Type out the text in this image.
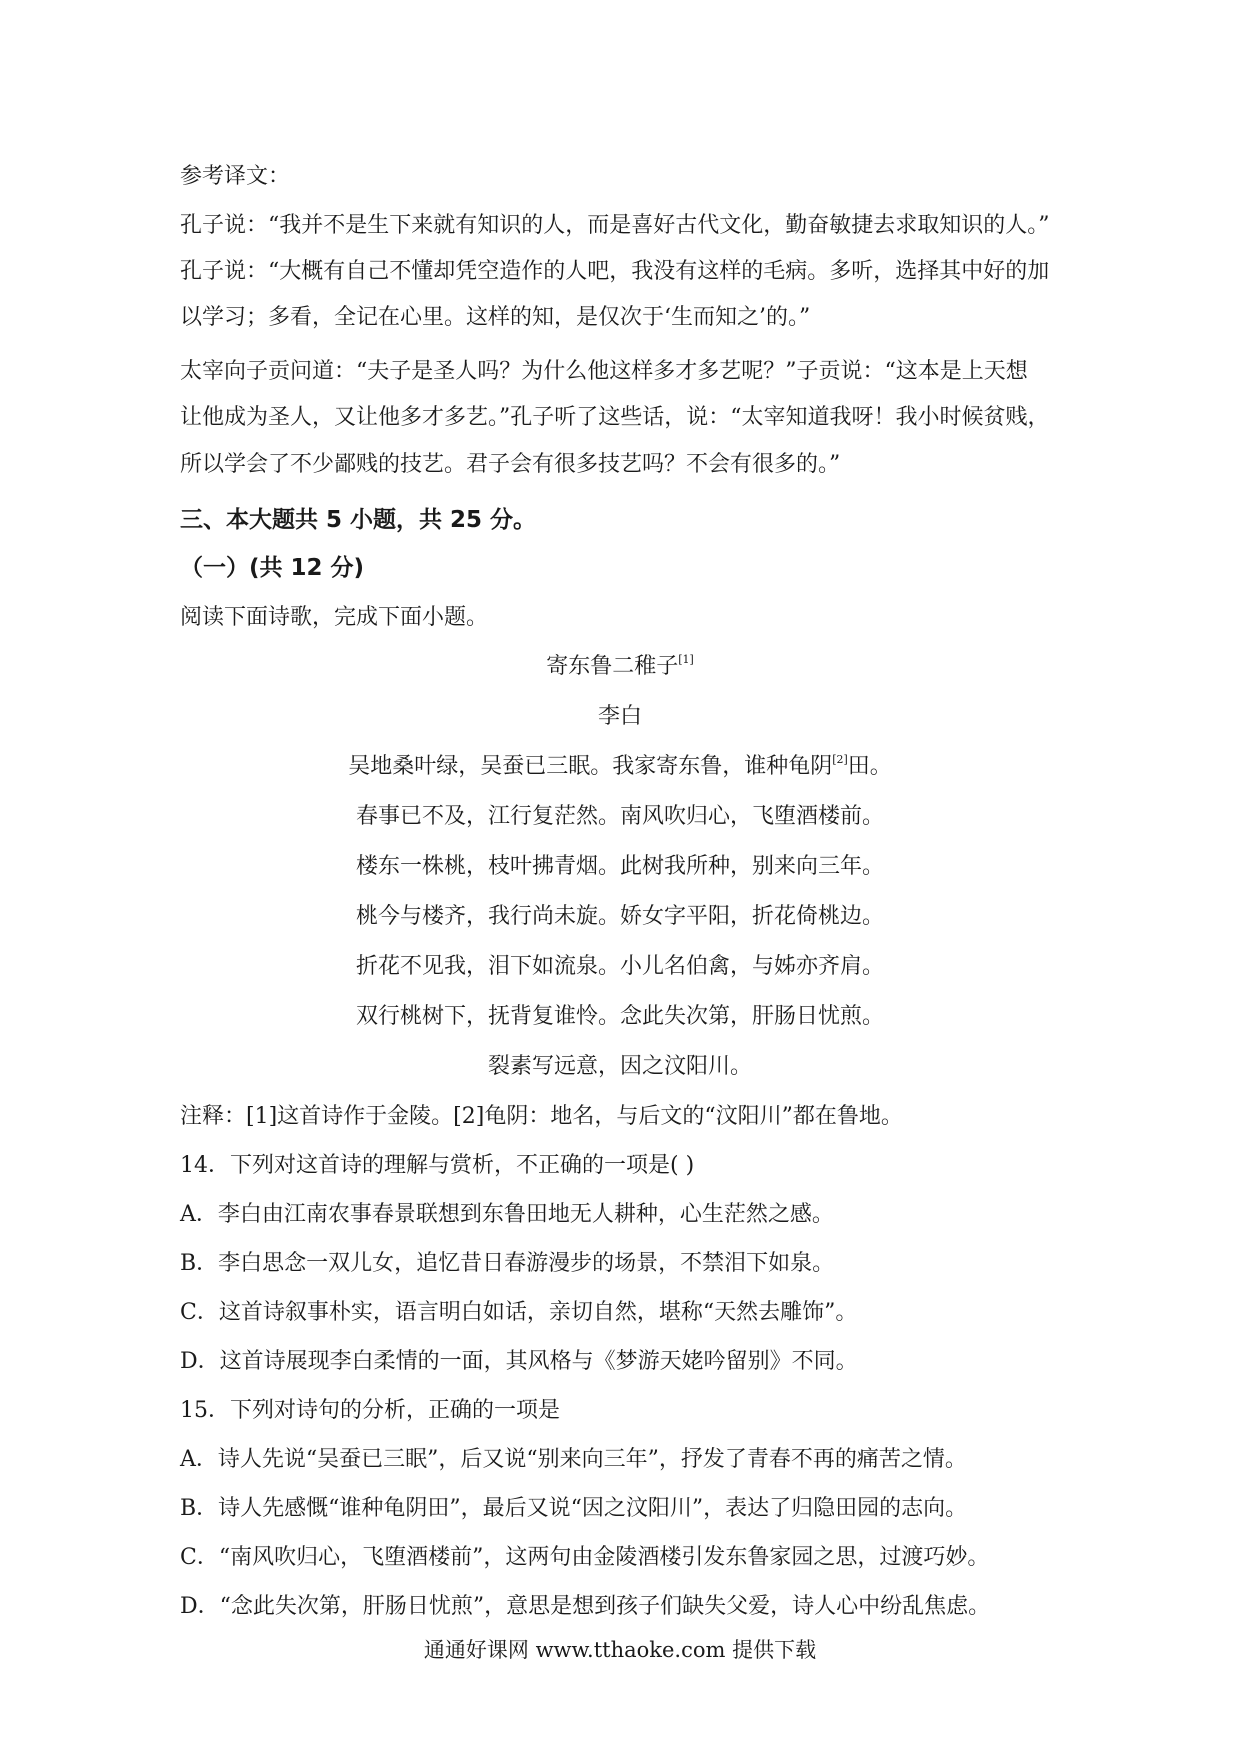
参考译文：
孔子说：“我并不是生下来就有知识的人，而是喜好古代文化，勤奋敏捷去求取知识的人。”
孔子说：“大概有自己不懂却凭空造作的人吧，我没有这样的毛病。多听，选择其中好的加
以学习；多看，全记在心里。这样的知，是仅次于‘生而知之’的。”
太宰向子贡问道：“夫子是圣人吗？为什么他这样多才多艺呢？”子贡说：“这本是上天想
让他成为圣人，又让他多才多艺。”孔子听了这些话，说：“太宰知道我呀！我小时候贫贱，
所以学会了不少鄙贱的技艺。君子会有很多技艺吗？不会有很多的。”
三、本大题共 5 小题，共 25 分。
（一）(共 12 分)
阅读下面诗歌，完成下面小题。
寄东鲁二稚子[1]
李白
吴地桑叶绿，吴蚕已三眠。我家寄东鲁，谁种龟阴[2]田。
春事已不及，江行复茫然。南风吹归心，飞堕酒楼前。
楼东一株桃，枝叶拂青烟。此树我所种，别来向三年。
桃今与楼齐，我行尚未旋。娇女字平阳，折花倚桃边。
折花不见我，泪下如流泉。小儿名伯禽，与姊亦齐肩。
双行桃树下，抚背复谁怜。念此失次第，肝肠日忧煎。
裂素写远意，因之汶阳川。
注释：[1]这首诗作于金陵。[2]龟阴：地名，与后文的“汶阳川”都在鲁地。
14．下列对这首诗的理解与赏析，不正确的一项是( )
A．李白由江南农事春景联想到东鲁田地无人耕种，心生茫然之感。
B．李白思念一双儿女，追忆昔日春游漫步的场景，不禁泪下如泉。
C．这首诗叙事朴实，语言明白如话，亲切自然，堪称“天然去雕饰”。
D．这首诗展现李白柔情的一面，其风格与《梦游天姥吟留别》不同。
15．下列对诗句的分析，正确的一项是
A．诗人先说“吴蚕已三眠”，后又说“别来向三年”，抒发了青春不再的痛苦之情。
B．诗人先感慨“谁种龟阴田”，最后又说“因之汶阳川”，表达了归隐田园的志向。
C．“南风吹归心，飞堕酒楼前”，这两句由金陵酒楼引发东鲁家园之思，过渡巧妙。
D．“念此失次第，肝肠日忧煎”，意思是想到孩子们缺失父爱，诗人心中纷乱焦虑。
通通好课网 www.tthaoke.com 提供下载
